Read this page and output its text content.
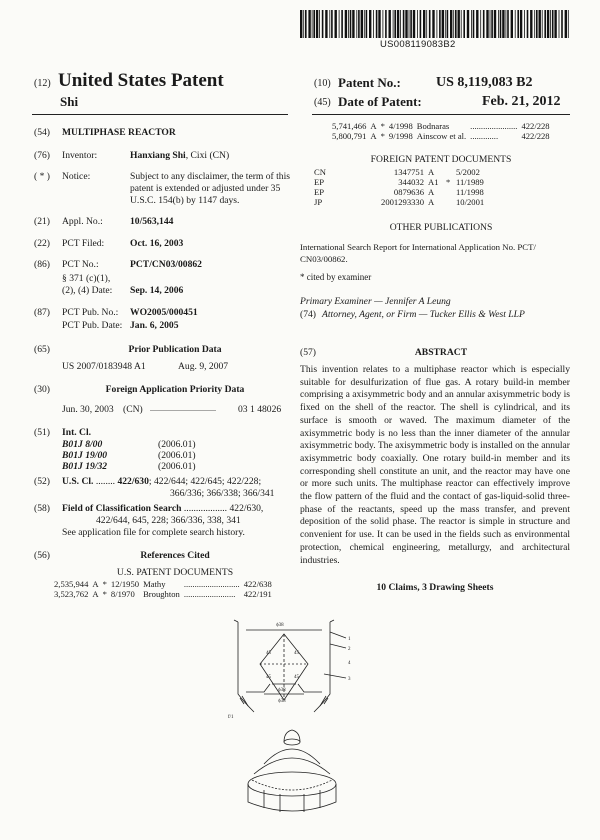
US008119083B2
(12) United States Patent
Shi
(10) Patent No.:	US 8,119,083 B2
(45) Date of Patent:	Feb. 21, 2012
(54) MULTIPHASE REACTOR
(76) Inventor:	Hanxiang Shi, Cixi (CN)
( * ) Notice:	Subject to any disclaimer, the term of this
patent is extended or adjusted under 35
U.S.C. 154(b) by 1147 days.
(21) Appl. No.:	10/563,144
(22) PCT Filed:	Oct. 16, 2003
(86) PCT No.:	PCT/CN03/00862
§ 371 (c)(1),
(2), (4) Date: Sep. 14, 2006
(87) PCT Pub. No.: WO2005/000451
PCT Pub. Date: Jan. 6, 2005
(65)	Prior Publication Data
US 2007/0183948 A1	Aug. 9, 2007
(30)	Foreign Application Priority Data
Jun. 30, 2003 (CN) ................................. 03 1 48026
(51) Int. Cl.
B01J 8/00	(2006.01)
B01J 19/00	(2006.01)
B01J 19/32	(2006.01)
(52) U.S. Cl. ........ 422/630; 422/644; 422/645; 422/228;
366/336; 366/338; 366/341
(58) Field of Classification Search .................. 422/630,
422/644, 645, 228; 366/336, 338, 341
See application file for complete search history.
(56)	References Cited
U.S. PATENT DOCUMENTS
2,535,944	A	*	12/1950	Mathy	..........................	422/638
3,523,762	A	*	8/1970	Broughton	........................	422/191
5,741,466	A	*	4/1998	Bodnaras	......................	422/228
5,800,791	A	*	9/1998	Ainscow et al.	.............	422/228
FOREIGN PATENT DOCUMENTS
CN	1347751	A		5/2002
EP	344032	A1	*	11/1989
EP	0879636	A		11/1998
JP	2001293330	A		10/2001
OTHER PUBLICATIONS
International Search Report for International Application No. PCT/
CN03/00862.
* cited by examiner
Primary Examiner — Jennifer A Leung
(74) Attorney, Agent, or Firm — Tucker Ellis & West LLP
(57)	ABSTRACT
This invention relates to a multiphase reactor which is especially suitable for desulfurization of flue gas. A rotary build-in member comprising a axisymmetric body and an annular axisymmetric body is fixed on the shell of the reactor. The shell is cylindrical, and its surface is smooth or waved. The maximum diameter of the axisymmetric body is no less than the inner diameter of the annular axisymmetric body. The axisymmetric body is installed on the annular axisymmetric body coaxially. One rotary build-in member and its corresponding shell constitute an unit, and the reactor may have one or more such units. The multiphase reactor can effectively improve the flow pattern of the fluid and the contact of gas-liquid-solid three-phase of the reactants, speed up the mass transfer, and prevent deposition of the solid phase. The reactor is simple in structure and convenient for use. It can be used in the fields such as environmental protection, chemical engineering, metallurgy, and architectural industries.
10 Claims, 3 Drawing Sheets
ϕ38
45	45
45	45
ϕ38
1
2
3
4
ϕ38
f/1
